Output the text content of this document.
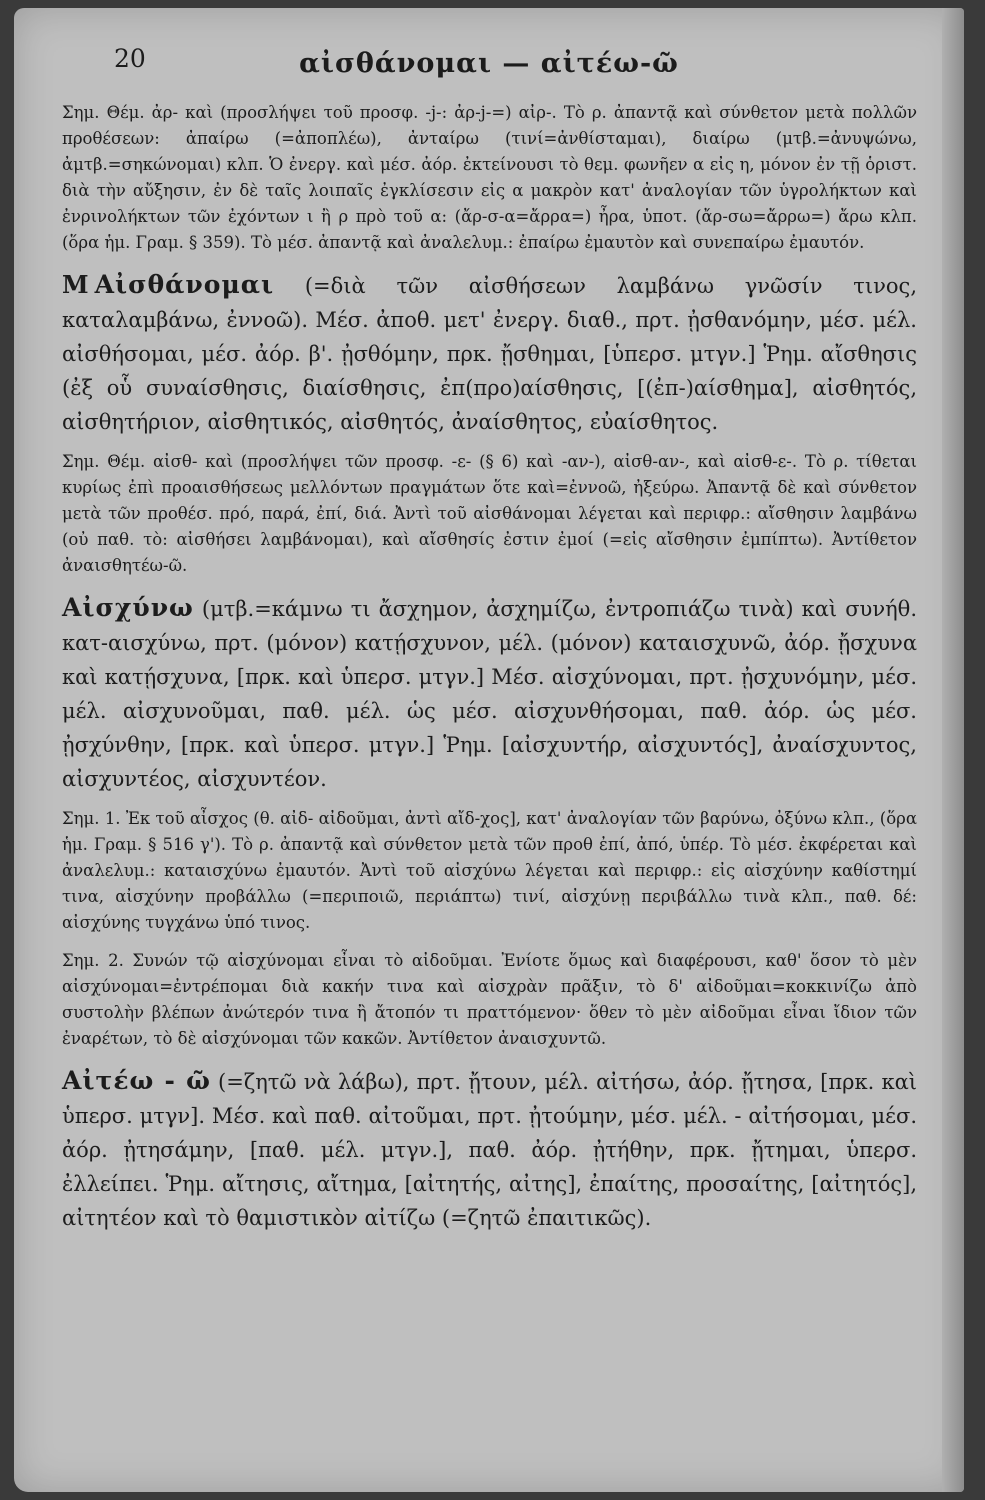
20	αἰσθάνομαι — αἰτέω-ῶ

Σημ. Θέμ. ἀρ- καὶ (προσλήψει τοῦ προσφ. -j-: ἀρ-j-=) αἰρ-. Τὸ ρ. ἀπαντᾷ καὶ σύνθετον μετὰ πολλῶν προθέσεων: ἀπαίρω (=ἀποπλέω), ἀνταίρω (τινί=ἀνθίσταμαι), διαίρω (μτβ.=ἀνυψώνω, ἀμτβ.=σηκώνομαι) κλπ. Ὁ ἐνεργ. καὶ μέσ. ἀόρ. ἐκτείνουσι τὸ θεμ. φωνῆεν α εἰς η, μόνον ἐν τῇ ὁριστ. διὰ τὴν αὔξησιν, ἐν δὲ ταῖς λοιπαῖς ἐγκλίσεσιν εἰς α μακρὸν κατ' ἀναλογίαν τῶν ὑγρολήκτων καὶ ἐνρινολήκτων τῶν ἐχόντων ι ἢ ρ πρὸ τοῦ α: (ἄρ-σ-α=ἄρρα=) ἦρα, ὑποτ. (ἄρ-σω=ἄρρω=) ἄρω κλπ. (ὅρα ἡμ. Γραμ. § 359). Τὸ μέσ. ἀπαντᾷ καὶ ἀναλελυμ.: ἐπαίρω ἐμαυτὸν καὶ συνεπαίρω ἐμαυτόν.

Μ Αἰσθάνομαι (=διὰ τῶν αἰσθήσεων λαμβάνω γνῶσίν τινος, καταλαμβάνω, ἐννοῶ). Μέσ. ἀποθ. μετ' ἐνεργ. διαθ., πρτ. ᾐσθανόμην, μέσ. μέλ. αἰσθήσομαι, μέσ. ἀόρ. β'. ᾐσθόμην, πρκ. ᾔσθημαι, [ὑπερσ. μτγν.] Ῥημ. αἴσθησις (ἐξ οὗ συναίσθησις, διαίσθησις, ἐπ(προ)αίσθησις, [(ἐπ-)αίσθημα], αἰσθητός, αἰσθητήριον, αἰσθητικός, αἰσθητός, ἀναίσθητος, εὐαίσθητος.

Σημ. Θέμ. αἰσθ- καὶ (προσλήψει τῶν προσφ. -ε- (§ 6) καὶ -αν-), αἰσθ-αν-, καὶ αἰσθ-ε-. Τὸ ρ. τίθεται κυρίως ἐπὶ προαισθήσεως μελλόντων πραγμάτων ὅτε καὶ=ἐννοῶ, ἠξεύρω. Ἀπαντᾷ δὲ καὶ σύνθετον μετὰ τῶν προθέσ. πρό, παρά, ἐπί, διά. Ἀντὶ τοῦ αἰσθάνομαι λέγεται καὶ περιφρ.: αἴσθησιν λαμβάνω (οὐ παθ. τὸ: αἰσθήσει λαμβάνομαι), καὶ αἴσθησίς ἐστιν ἐμοί (=εἰς αἴσθησιν ἐμπίπτω). Ἀντίθετον ἀναισθητέω-ῶ.

Αἰσχύνω (μτβ.=κάμνω τι ἄσχημον, ἀσχημίζω, ἐντροπιάζω τινὰ) καὶ συνήθ. κατ-αισχύνω, πρτ. (μόνον) κατῄσχυνον, μέλ. (μόνον) καταισχυνῶ, ἀόρ. ᾔσχυνα καὶ κατῄσχυνα, [πρκ. καὶ ὑπερσ. μτγν.] Μέσ. αἰσχύνομαι, πρτ. ᾐσχυνόμην, μέσ. μέλ. αἰσχυνοῦμαι, παθ. μέλ. ὡς μέσ. αἰσχυνθήσομαι, παθ. ἀόρ. ὡς μέσ. ᾐσχύνθην, [πρκ. καὶ ὑπερσ. μτγν.] Ῥημ. [αἰσχυντήρ, αἰσχυντός], ἀναίσχυντος, αἰσχυντέος, αἰσχυντέον.

Σημ. 1. Ἐκ τοῦ αἶσχος (θ. αἰδ- αἰδοῦμαι, ἀντὶ αἴδ-χος], κατ' ἀναλογίαν τῶν βαρύνω, ὀξύνω κλπ., (ὅρα ἡμ. Γραμ. § 516 γ'). Τὸ ρ. ἀπαντᾷ καὶ σύνθετον μετὰ τῶν προθ ἐπί, ἀπό, ὑπέρ. Τὸ μέσ. ἐκφέρεται καὶ ἀναλελυμ.: καταισχύνω ἐμαυτόν. Ἀντὶ τοῦ αἰσχύνω λέγεται καὶ περιφρ.: εἰς αἰσχύνην καθίστημί τινα, αἰσχύνην προβάλλω (=περιποιῶ, περιάπτω) τινί, αἰσχύνῃ περιβάλλω τινὰ κλπ., παθ. δέ: αἰσχύνης τυγχάνω ὑπό τινος.

Σημ. 2. Συνών τῷ αἰσχύνομαι εἶναι τὸ αἰδοῦμαι. Ἐνίοτε ὅμως καὶ διαφέρουσι, καθ' ὅσον τὸ μὲν αἰσχύνομαι=ἐντρέπομαι διὰ κακήν τινα καὶ αἰσχρὰν πρᾶξιν, τὸ δ' αἰδοῦμαι=κοκκινίζω ἀπὸ συστολὴν βλέπων ἀνώτερόν τινα ἢ ἄτοπόν τι πραττόμενον· ὅθεν τὸ μὲν αἰδοῦμαι εἶναι ἴδιον τῶν ἐναρέτων, τὸ δὲ αἰσχύνομαι τῶν κακῶν. Ἀντίθετον ἀναισχυντῶ.

Αἰτέω - ῶ (=ζητῶ νὰ λάβω), πρτ. ᾔτουν, μέλ. αἰτήσω, ἀόρ. ᾔτησα, [πρκ. καὶ ὑπερσ. μτγν]. Μέσ. καὶ παθ. αἰτοῦμαι, πρτ. ᾐτούμην, μέσ. μέλ. - αἰτήσομαι, μέσ. ἀόρ. ᾐτησάμην, [παθ. μέλ. μτγν.], παθ. ἀόρ. ᾐτήθην, πρκ. ᾔτημαι, ὑπερσ. ἐλλείπει. Ῥημ. αἴτησις, αἴτημα, [αἰτητής, αἰτης], ἐπαίτης, προσαίτης, [αἰτητός], αἰτητέον καὶ τὸ θαμιστικὸν αἰτίζω (=ζητῶ ἐπαιτικῶς).
